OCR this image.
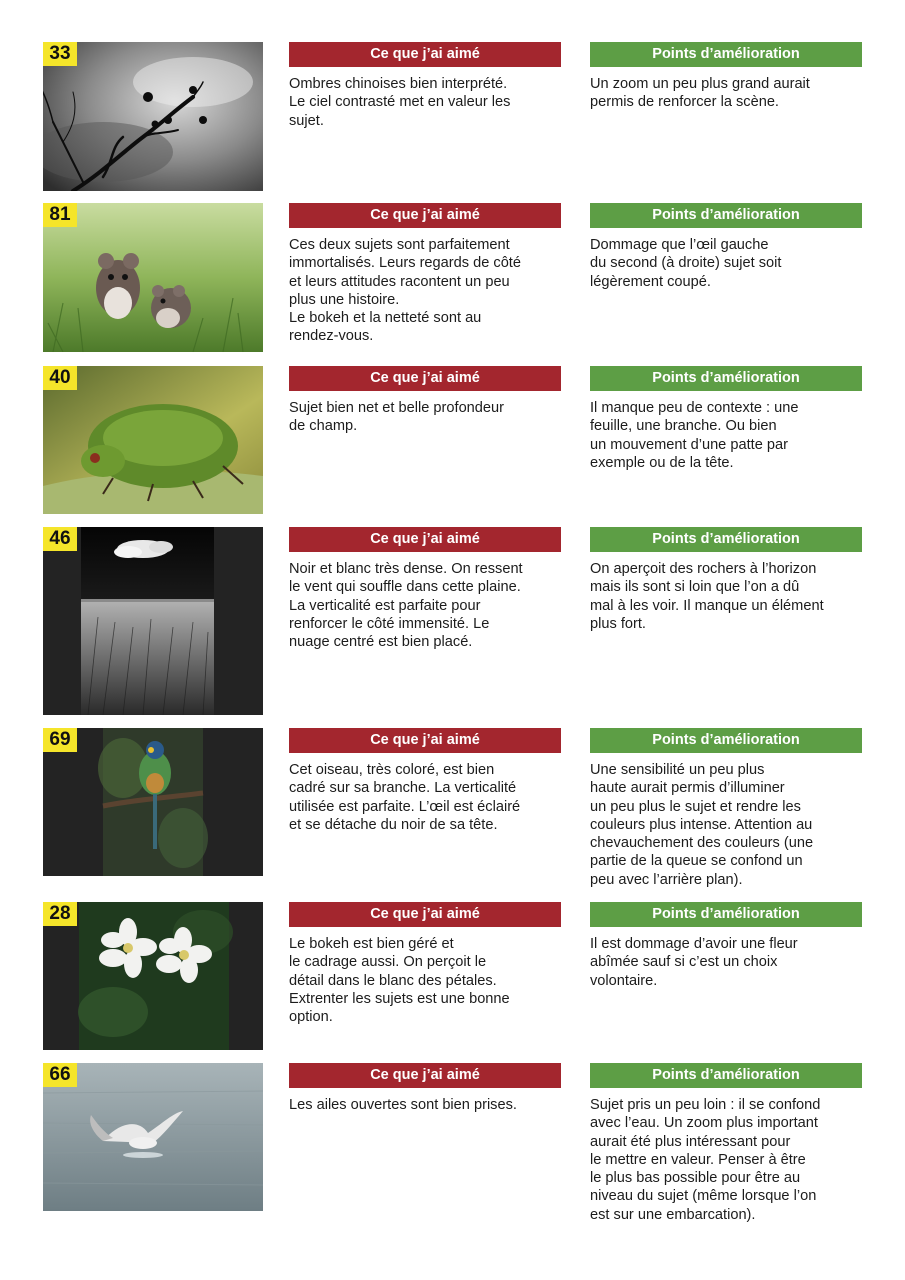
33	Ce que j’ai aimé
Ombres chinoises bien interprété.
Le ciel contrasté met en valeur les
sujet.
Points d’amélioration
Un zoom un peu plus grand aurait
permis de renforcer la scène.
81	Ce que j’ai aimé
Ces deux sujets sont parfaitement
immortalisés. Leurs regards de côté
et leurs attitudes racontent un peu
plus une histoire.
Le bokeh et la netteté sont au
rendez-vous.
Points d’amélioration
Dommage que l’œil gauche
du second (à droite) sujet soit
légèrement coupé.
40	Ce que j’ai aimé
Sujet bien net et belle profondeur
de champ.
Points d’amélioration
Il manque peu de contexte : une
feuille, une branche. Ou bien
un mouvement d’une patte par
exemple ou de la tête.
46	Ce que j’ai aimé
Noir et blanc très dense. On ressent
le vent qui souffle dans cette plaine.
La verticalité est parfaite pour
renforcer le côté immensité. Le
nuage centré est bien placé.
Points d’amélioration
On aperçoit des rochers à l’horizon
mais ils sont si loin que l’on a dû
mal à les voir. Il manque un élément
plus fort.
69	Ce que j’ai aimé
Cet oiseau, très coloré, est bien
cadré sur sa branche. La verticalité
utilisée est parfaite. L’œil est éclairé
et se détache du noir de sa tête.
Points d’amélioration
Une sensibilité un peu plus
haute aurait permis d’illuminer
un peu plus le sujet et rendre les
couleurs plus intense. Attention au
chevauchement des couleurs (une
partie de la queue se confond un
peu avec l’arrière plan).
28	Ce que j’ai aimé
Le bokeh est bien géré et
le cadrage aussi. On perçoit le
détail dans le blanc des pétales.
Extrenter les sujets est une bonne
option.
Points d’amélioration
Il est dommage d’avoir une fleur
abîmée sauf si c’est un choix
volontaire.
66	Ce que j’ai aimé
Les ailes ouvertes sont bien prises.
Points d’amélioration
Sujet pris un peu loin : il se confond
avec l’eau. Un zoom plus important
aurait été plus intéressant pour
le mettre en valeur. Penser à être
le plus bas possible pour être au
niveau du sujet (même lorsque l’on
est sur une embarcation).
